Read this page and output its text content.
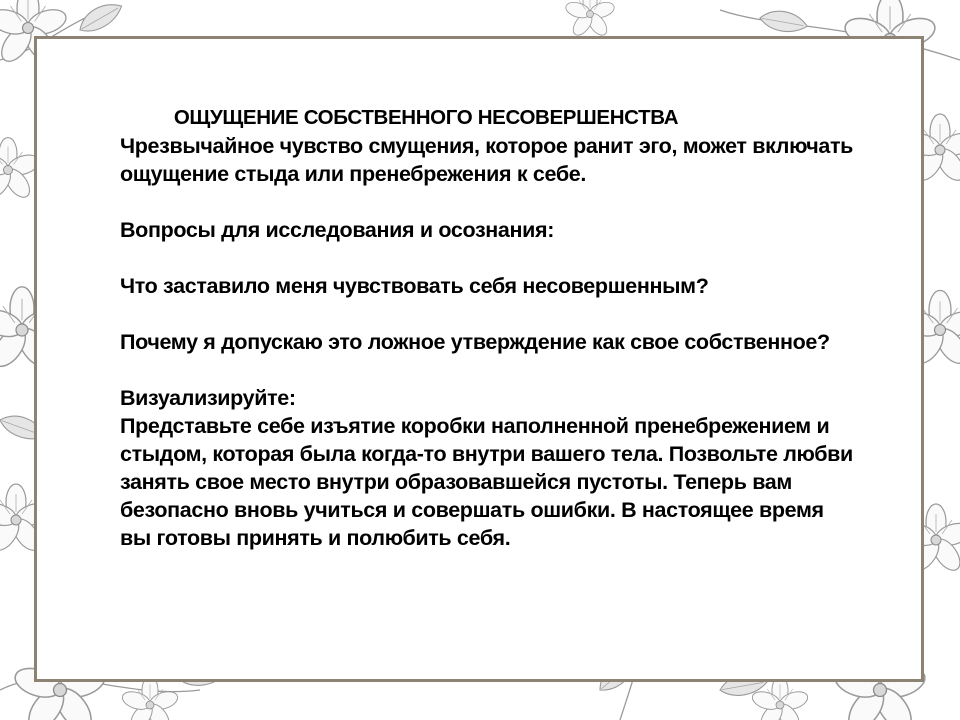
ОЩУЩЕНИЕ СОБСТВЕННОГО НЕСОВЕРШЕНСТВА

Чрезвычайное чувство смущения, которое ранит эго, может включать ощущение стыда или пренебрежения к себе.

Вопросы для исследования и осознания:

Что заставило меня чувствовать себя несовершенным?

Почему я допускаю это ложное утверждение как свое собственное?

Визуализируйте:

Представьте себе изъятие коробки наполненной пренебрежением и стыдом, которая была когда-то внутри вашего тела. Позвольте любви занять свое место внутри образовавшейся пустоты. Теперь вам безопасно вновь учиться и совершать ошибки. В настоящее время вы готовы принять и полюбить себя.
